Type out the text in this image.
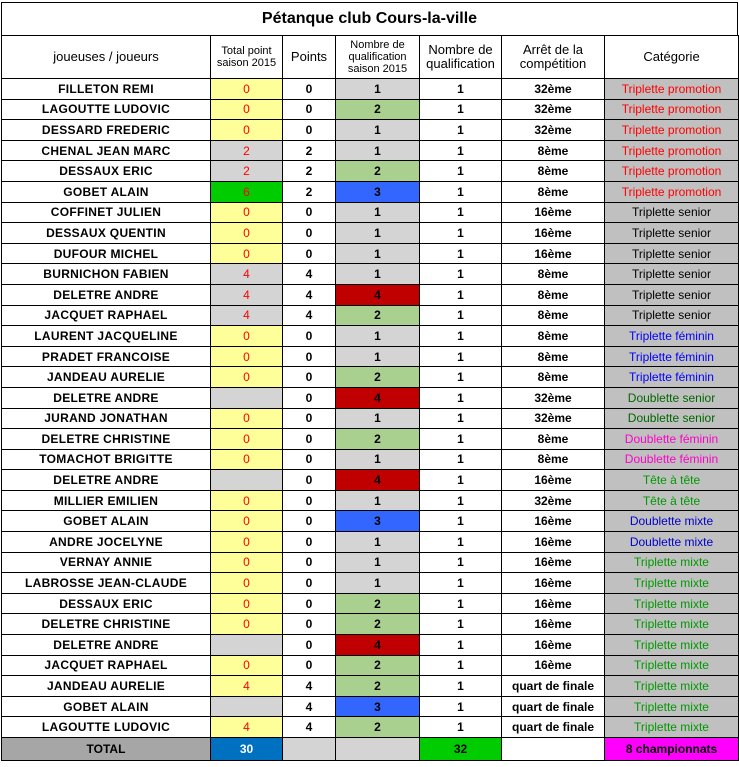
Pétanque club Cours-la-ville
joueuses / joueurs	Total point saison 2015	Points	Nombre de qualification saison 2015	Nombre de qualification	Arrêt de la compétition	Catégorie
FILLETON REMI	0	0	1	1	32ème	Triplette promotion
LAGOUTTE LUDOVIC	0	0	2	1	32ème	Triplette promotion
DESSARD FREDERIC	0	0	1	1	32ème	Triplette promotion
CHENAL JEAN MARC	2	2	1	1	8ème	Triplette promotion
DESSAUX ERIC	2	2	2	1	8ème	Triplette promotion
GOBET ALAIN	6	2	3	1	8ème	Triplette promotion
COFFINET JULIEN	0	0	1	1	16ème	Triplette senior
DESSAUX QUENTIN	0	0	1	1	16ème	Triplette senior
DUFOUR MICHEL	0	0	1	1	16ème	Triplette senior
BURNICHON FABIEN	4	4	1	1	8ème	Triplette senior
DELETRE ANDRE	4	4	4	1	8ème	Triplette senior
JACQUET RAPHAEL	4	4	2	1	8ème	Triplette senior
LAURENT JACQUELINE	0	0	1	1	8ème	Triplette féminin
PRADET FRANCOISE	0	0	1	1	8ème	Triplette féminin
JANDEAU AURELIE	0	0	2	1	8ème	Triplette féminin
DELETRE ANDRE		0	4	1	32ème	Doublette senior
JURAND JONATHAN	0	0	1	1	32ème	Doublette senior
DELETRE CHRISTINE	0	0	2	1	8ème	Doublette féminin
TOMACHOT BRIGITTE	0	0	1	1	8ème	Doublette féminin
DELETRE ANDRE		0	4	1	16ème	Tête à tête
MILLIER EMILIEN	0	0	1	1	32ème	Tête à tête
GOBET ALAIN	0	0	3	1	16ème	Doublette mixte
ANDRE JOCELYNE	0	0	1	1	16ème	Doublette mixte
VERNAY ANNIE	0	0	1	1	16ème	Triplette mixte
LABROSSE JEAN-CLAUDE	0	0	1	1	16ème	Triplette mixte
DESSAUX ERIC	0	0	2	1	16ème	Triplette mixte
DELETRE CHRISTINE	0	0	2	1	16ème	Triplette mixte
DELETRE ANDRE		0	4	1	16ème	Triplette mixte
JACQUET RAPHAEL	0	0	2	1	16ème	Triplette mixte
JANDEAU AURELIE	4	4	2	1	quart de finale	Triplette mixte
GOBET ALAIN		4	3	1	quart de finale	Triplette mixte
LAGOUTTE LUDOVIC	4	4	2	1	quart de finale	Triplette mixte
TOTAL	30			32		8 championnats
